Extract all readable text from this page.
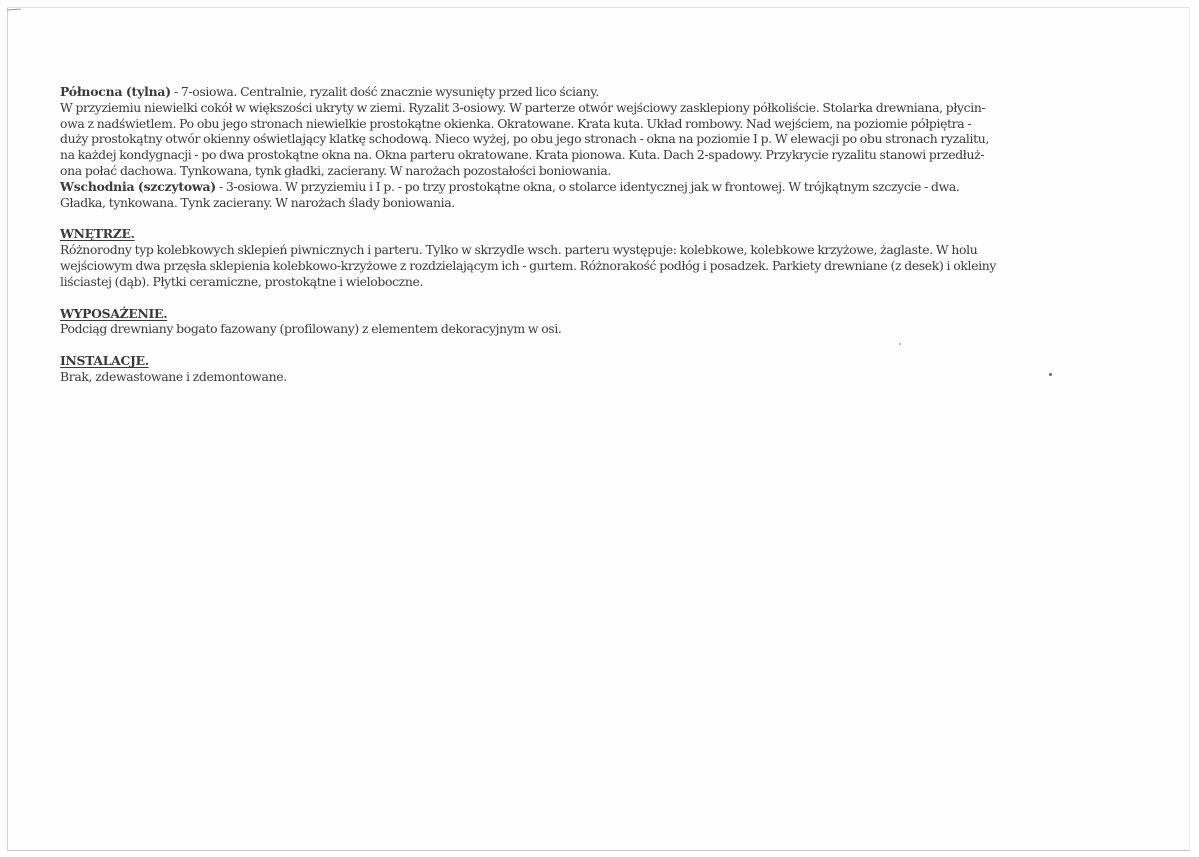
Północna (tylna) - 7-osiowa. Centralnie, ryzalit dość znacznie wysunięty przed lico ściany.
W przyziemiu niewielki cokół w większości ukryty w ziemi. Ryzalit 3-osiowy. W parterze otwór wejściowy zasklepiony półkoliście. Stolarka drewniana, płycin-
owa z nadświetlem. Po obu jego stronach niewielkie prostokątne okienka. Okratowane. Krata kuta. Układ rombowy. Nad wejściem, na poziomie półpiętra -
duży prostokątny otwór okienny oświetlający klatkę schodową. Nieco wyżej, po obu jego stronach - okna na poziomie I p. W elewacji po obu stronach ryzalitu,
na każdej kondygnacji - po dwa prostokątne okna na. Okna parteru okratowane. Krata pionowa. Kuta. Dach 2-spadowy. Przykrycie ryzalitu stanowi przedłuż-
ona połać dachowa. Tynkowana, tynk gładki, zacierany. W narożach pozostałości boniowania.
Wschodnia (szczytowa) - 3-osiowa. W przyziemiu i I p. - po trzy prostokątne okna, o stolarce identycznej jak w frontowej. W trójkątnym szczycie - dwa.
Gładka, tynkowana. Tynk zacierany. W narożach ślady boniowania.
WNĘTRZE.
Różnorodny typ kolebkowych sklepień piwnicznych i parteru. Tylko w skrzydle wsch. parteru występuje: kolebkowe, kolebkowe krzyżowe, żaglaste. W holu
wejściowym dwa przęsła sklepienia kolebkowo-krzyżowe z rozdzielającym ich - gurtem. Różnorakość podłóg i posadzek. Parkiety drewniane (z desek) i okleiny
liściastej (dąb). Płytki ceramiczne, prostokątne i wieloboczne.
WYPOSAŻENIE.
Podciąg drewniany bogato fazowany (profilowany) z elementem dekoracyjnym w osi.
INSTALACJE.
Brak, zdewastowane i zdemontowane.
